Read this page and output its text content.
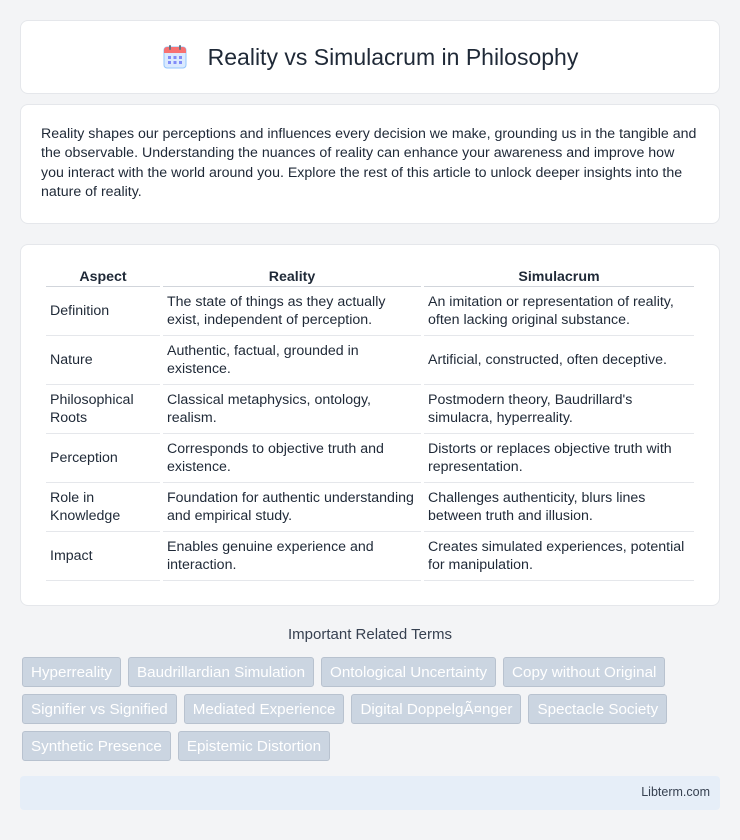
Reality vs Simulacrum in Philosophy

Reality shapes our perceptions and influences every decision we make, grounding us in the tangible and the observable. Understanding the nuances of reality can enhance your awareness and improve how you interact with the world around you. Explore the rest of this article to unlock deeper insights into the nature of reality.

Aspect	Reality	Simulacrum
Definition	The state of things as they actually exist, independent of perception.	An imitation or representation of reality, often lacking original substance.
Nature	Authentic, factual, grounded in existence.	Artificial, constructed, often deceptive.
Philosophical Roots	Classical metaphysics, ontology, realism.	Postmodern theory, Baudrillard's simulacra, hyperreality.
Perception	Corresponds to objective truth and existence.	Distorts or replaces objective truth with representation.
Role in Knowledge	Foundation for authentic understanding and empirical study.	Challenges authenticity, blurs lines between truth and illusion.
Impact	Enables genuine experience and interaction.	Creates simulated experiences, potential for manipulation.
Important Related Terms
Hyperreality	Baudrillardian Simulation	Ontological Uncertainty	Copy without Original
Signifier vs Signified	Mediated Experience	Digital DoppelgÃ¤nger	Spectacle Society
Synthetic Presence	Epistemic Distortion
Libterm.com
